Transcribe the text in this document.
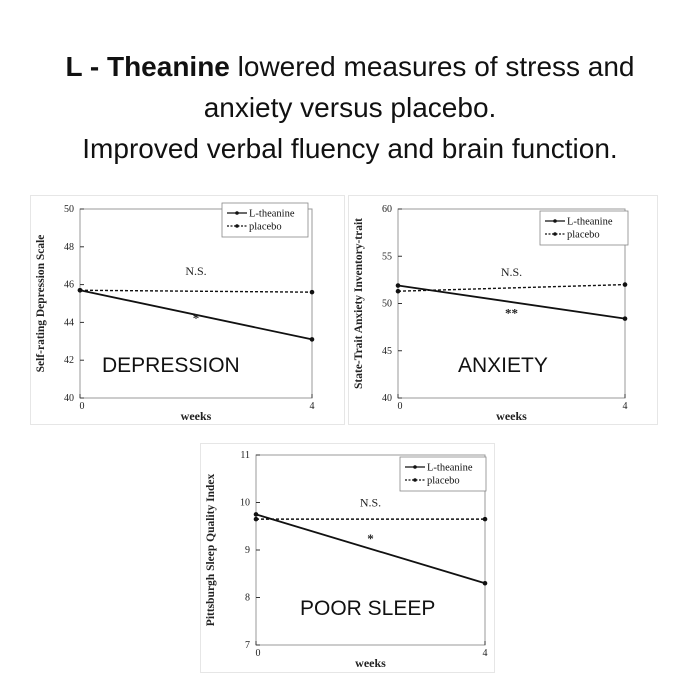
L - Theanine lowered measures of stress and
anxiety versus placebo.
Improved verbal fluency and brain function.
40
42
44
46
48
50
0	4
weeks
Self-rating Depression Scale	N.S.
*
L-theanine
placebo
DEPRESSION
40
45
50
55
60
0	4
weeks
State-Trait Anxiety Inventory-trait	N.S.
**
L-theanine
placebo
ANXIETY
7
8
9
10
11
0	4
weeks
Pittsburgh Sleep Quality Index	N.S.
*
L-theanine
placebo
POOR SLEEP
